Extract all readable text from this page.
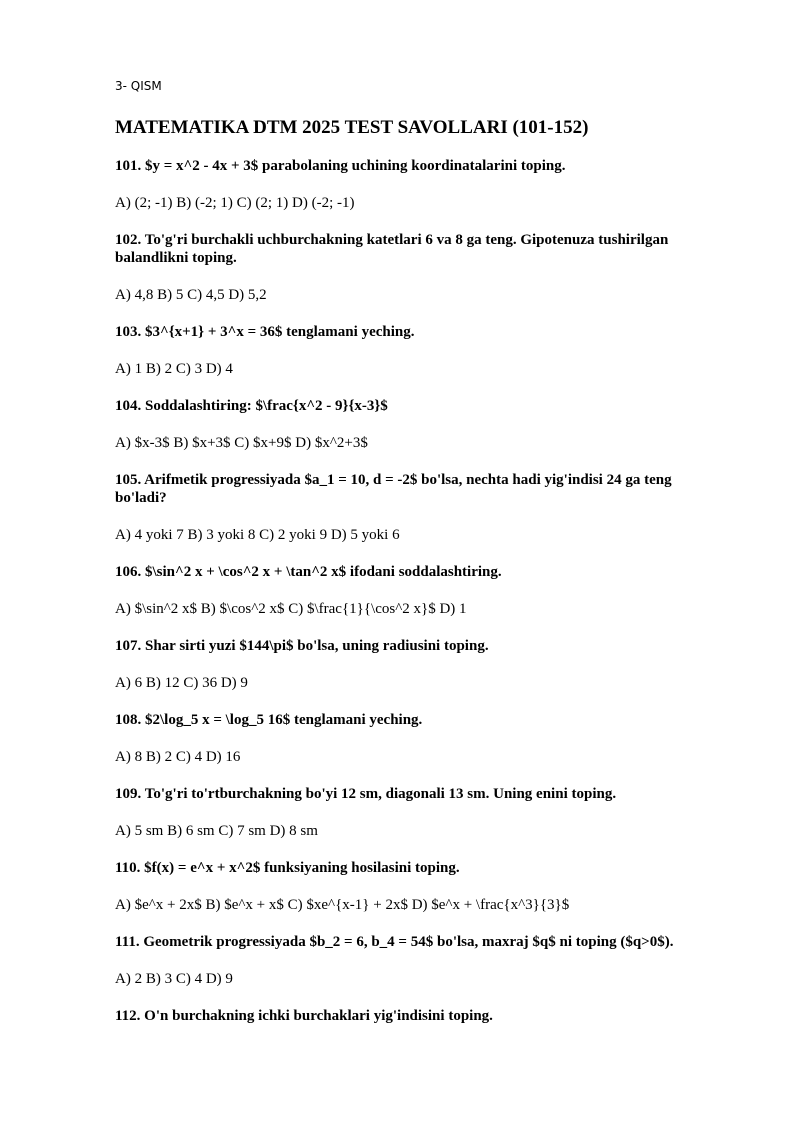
3- QISM
MATEMATIKA DTM 2025 TEST SAVOLLARI (101-152)

101. $y = x^2 - 4x + 3$ parabolaning uchining koordinatalarini toping.

A) (2; -1) B) (-2; 1) C) (2; 1) D) (-2; -1)

102. To'g'ri burchakli uchburchakning katetlari 6 va 8 ga teng. Gipotenuza tushirilgan balandlikni toping.

A) 4,8 B) 5 C) 4,5 D) 5,2

103. $3^{x+1} + 3^x = 36$ tenglamani yeching.

A) 1 B) 2 C) 3 D) 4

104. Soddalashtiring: $\frac{x^2 - 9}{x-3}$

A) $x-3$ B) $x+3$ C) $x+9$ D) $x^2+3$

105. Arifmetik progressiyada $a_1 = 10, d = -2$ bo'lsa, nechta hadi yig'indisi 24 ga teng bo'ladi?

A) 4 yoki 7 B) 3 yoki 8 C) 2 yoki 9 D) 5 yoki 6

106. $\sin^2 x + \cos^2 x + \tan^2 x$ ifodani soddalashtiring.

A) $\sin^2 x$ B) $\cos^2 x$ C) $\frac{1}{\cos^2 x}$ D) 1

107. Shar sirti yuzi $144\pi$ bo'lsa, uning radiusini toping.

A) 6 B) 12 C) 36 D) 9

108. $2\log_5 x = \log_5 16$ tenglamani yeching.

A) 8 B) 2 C) 4 D) 16

109. To'g'ri to'rtburchakning bo'yi 12 sm, diagonali 13 sm. Uning enini toping.

A) 5 sm B) 6 sm C) 7 sm D) 8 sm

110. $f(x) = e^x + x^2$ funksiyaning hosilasini toping.

A) $e^x + 2x$ B) $e^x + x$ C) $xe^{x-1} + 2x$ D) $e^x + \frac{x^3}{3}$

111. Geometrik progressiyada $b_2 = 6, b_4 = 54$ bo'lsa, maxraj $q$ ni toping ($q>0$).

A) 2 B) 3 C) 4 D) 9

112. O'n burchakning ichki burchaklari yig'indisini toping.
